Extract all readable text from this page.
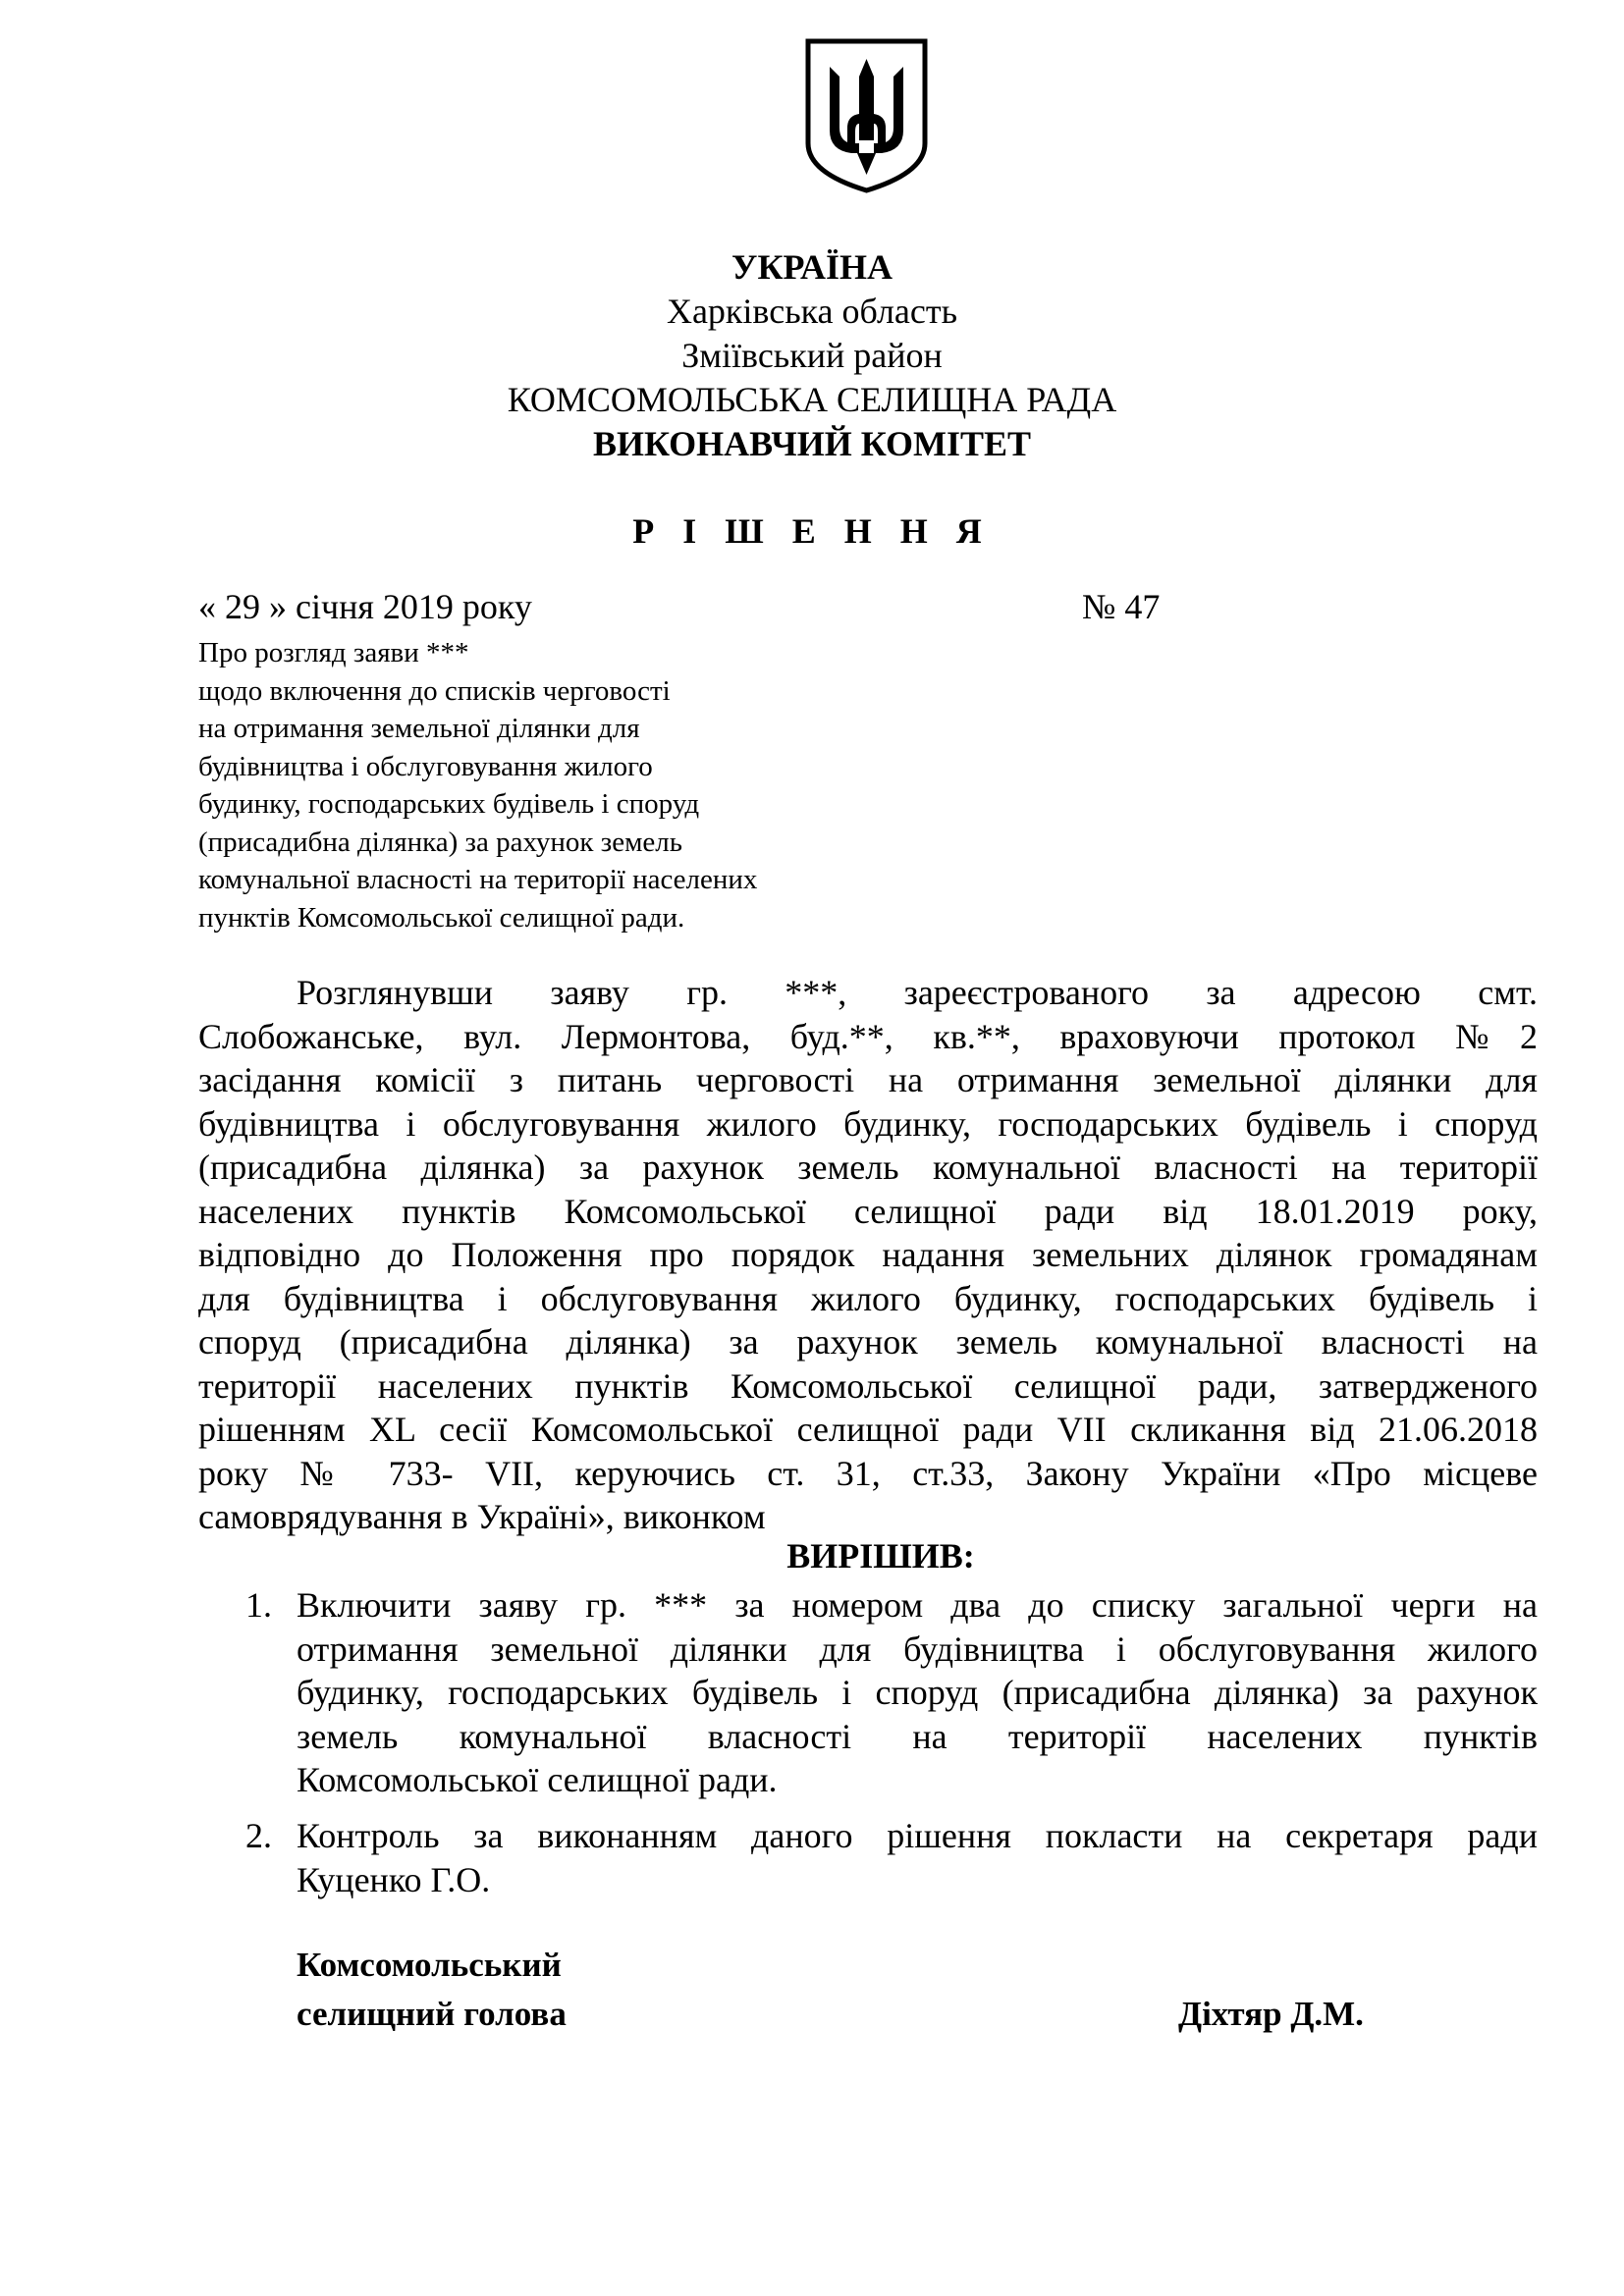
УКРАЇНА
Харківська область
Зміївський район
КОМСОМОЛЬСЬКА СЕЛИЩНА РАДА
ВИКОНАВЧИЙ КОМІТЕТ
Р І Ш Е Н Н Я
« 29 » січня 2019 року	№ 47
Про розгляд заяви ***
щодо включення до списків черговості
на отримання земельної ділянки для
будівництва і обслуговування жилого
будинку, господарських будівель і споруд
(присадибна ділянка) за рахунок земель
комунальної власності на території населених
пунктів Комсомольської селищної ради.
Розглянувши заяву гр. ***, зареєстрованого за адресою смт.
Слобожанське, вул. Лермонтова, буд.**, кв.**, враховуючи протокол №2
засідання комісії з питань черговості на отримання земельної ділянки для
будівництва і обслуговування жилого будинку, господарських будівель і споруд
(присадибна ділянка) за рахунок земель комунальної власності на території
населених пунктів Комсомольської селищної ради від 18.01.2019 року,
відповідно до Положення про порядок надання земельних ділянок громадянам
для будівництва і обслуговування жилого будинку, господарських будівель і
споруд (присадибна ділянка) за рахунок земель комунальної власності на
території населених пунктів Комсомольської селищної ради, затвердженого
рішенням XL сесії Комсомольської селищної ради VII скликання від 21.06.2018
року № 733- VII, керуючись ст. 31, ст.33, Закону України «Про місцеве
самоврядування в Україні», виконком
ВИРІШИВ:
1. Включити заяву гр. *** за номером два до списку загальної черги на
отримання земельної ділянки для будівництва і обслуговування жилого
будинку, господарських будівель і споруд (присадибна ділянка) за рахунок
земель комунальної власності на території населених пунктів
Комсомольської селищної ради.
2. Контроль за виконанням даного рішення покласти на секретаря ради
Куценко Г.О.
Комсомольський
селищний голова	Діхтяр Д.М.
